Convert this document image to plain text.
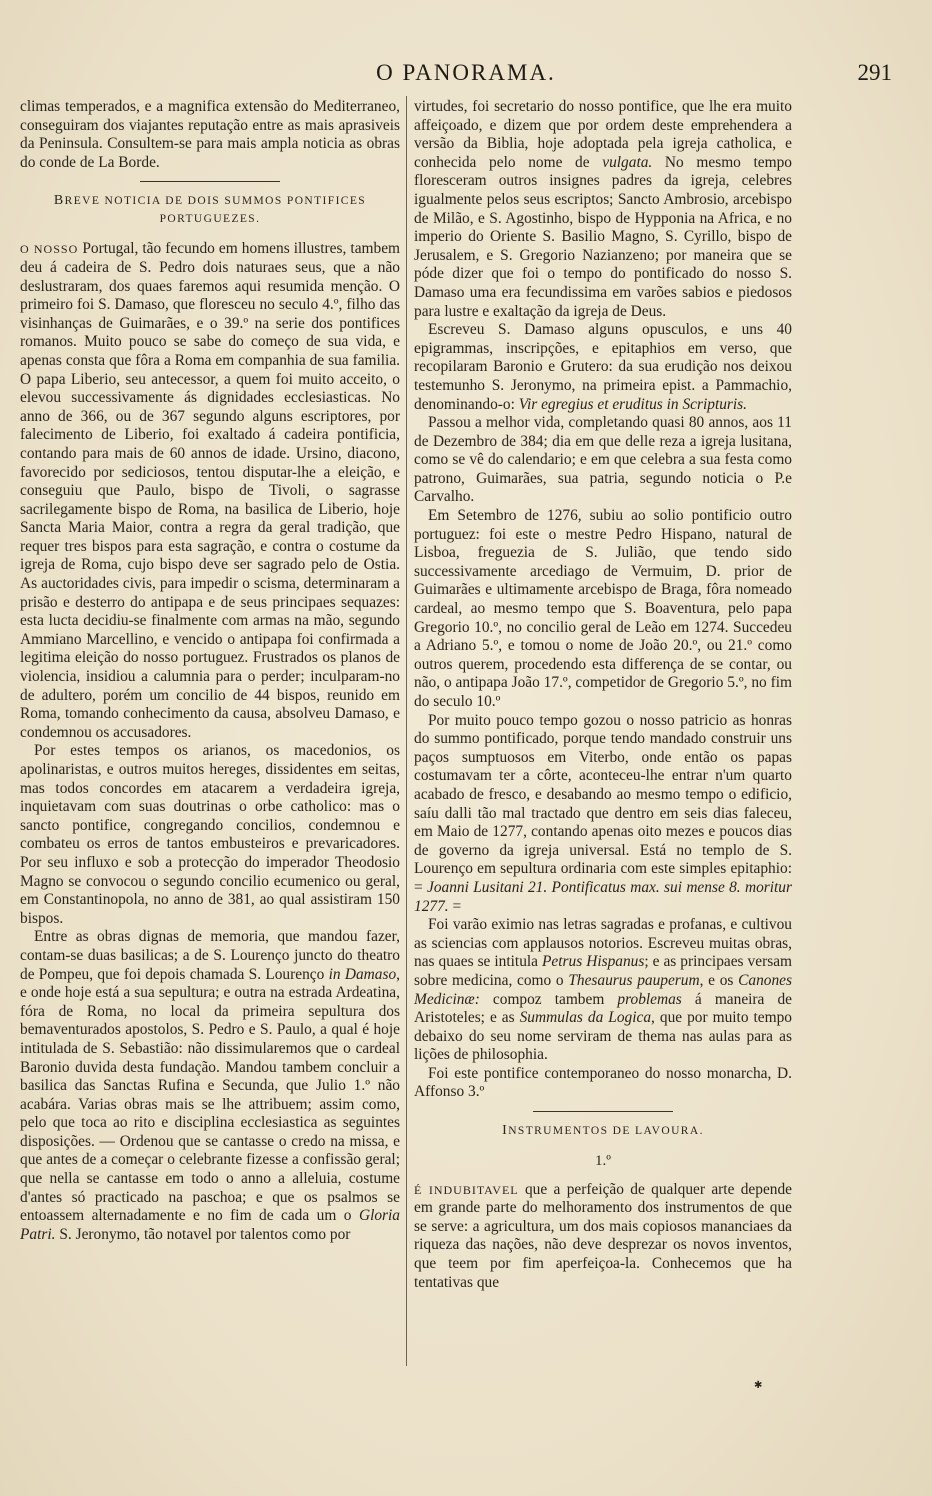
O PANORAMA.	291

climas temperados, e a magnifica extensão do Mediterraneo, conseguiram dos viajantes reputação entre as mais aprasiveis da Peninsula. Consultem-se para mais ampla noticia as obras do conde de La Borde.

BREVE NOTICIA DE DOIS SUMMOS PONTIFICES PORTUGUEZES.

O NOSSO Portugal, tão fecundo em homens illustres, tambem deu á cadeira de S. Pedro dois naturaes seus, que a não deslustraram, dos quaes faremos aqui resumida menção. O primeiro foi S. Damaso, que floresceu no seculo 4.º, filho das visinhanças de Guimarães, e o 39.º na serie dos pontifices romanos. Muito pouco se sabe do começo de sua vida, e apenas consta que fôra a Roma em companhia de sua familia. O papa Liberio, seu antecessor, a quem foi muito acceito, o elevou successivamente ás dignidades ecclesiasticas. No anno de 366, ou de 367 segundo alguns escriptores, por falecimento de Liberio, foi exaltado á cadeira pontificia, contando para mais de 60 annos de idade. Ursino, diacono, favorecido por sediciosos, tentou disputar-lhe a eleição, e conseguiu que Paulo, bispo de Tivoli, o sagrasse sacrilegamente bispo de Roma, na basilica de Liberio, hoje Sancta Maria Maior, contra a regra da geral tradição, que requer tres bispos para esta sagração, e contra o costume da igreja de Roma, cujo bispo deve ser sagrado pelo de Ostia. As auctoridades civis, para impedir o scisma, determinaram a prisão e desterro do antipapa e de seus principaes sequazes: esta lucta decidiu-se finalmente com armas na mão, segundo Ammiano Marcellino, e vencido o antipapa foi confirmada a legitima eleição do nosso portuguez. Frustrados os planos de violencia, insidiou a calumnia para o perder; inculparam-no de adultero, porém um concilio de 44 bispos, reunido em Roma, tomando conhecimento da causa, absolveu Damaso, e condemnou os accusadores.

Por estes tempos os arianos, os macedonios, os apolinaristas, e outros muitos hereges, dissidentes em seitas, mas todos concordes em atacarem a verdadeira igreja, inquietavam com suas doutrinas o orbe catholico: mas o sancto pontifice, congregando concilios, condemnou e combateu os erros de tantos embusteiros e prevaricadores. Por seu influxo e sob a protecção do imperador Theodosio Magno se convocou o segundo concilio ecumenico ou geral, em Constantinopola, no anno de 381, ao qual assistiram 150 bispos.

Entre as obras dignas de memoria, que mandou fazer, contam-se duas basilicas; a de S. Lourenço juncto do theatro de Pompeu, que foi depois chamada S. Lourenço in Damaso, e onde hoje está a sua sepultura; e outra na estrada Ardeatina, fóra de Roma, no local da primeira sepultura dos bemaventurados apostolos, S. Pedro e S. Paulo, a qual é hoje intitulada de S. Sebastião: não dissimularemos que o cardeal Baronio duvida desta fundação. Mandou tambem concluir a basilica das Sanctas Rufina e Secunda, que Julio 1.º não acabára. Varias obras mais se lhe attribuem; assim como, pelo que toca ao rito e disciplina ecclesiastica as seguintes disposições. — Ordenou que se cantasse o credo na missa, e que antes de a começar o celebrante fizesse a confissão geral; que nella se cantasse em todo o anno a alleluia, costume d'antes só practicado na paschoa; e que os psalmos se entoassem alternadamente e no fim de cada um o Gloria Patri. S. Jeronymo, tão notavel por talentos como por

virtudes, foi secretario do nosso pontifice, que lhe era muito affeiçoado, e dizem que por ordem deste emprehendera a versão da Biblia, hoje adoptada pela igreja catholica, e conhecida pelo nome de vulgata. No mesmo tempo floresceram outros insignes padres da igreja, celebres igualmente pelos seus escriptos; Sancto Ambrosio, arcebispo de Milão, e S. Agostinho, bispo de Hypponia na Africa, e no imperio do Oriente S. Basilio Magno, S. Cyrillo, bispo de Jerusalem, e S. Gregorio Nazianzeno; por maneira que se póde dizer que foi o tempo do pontificado do nosso S. Damaso uma era fecundissima em varões sabios e piedosos para lustre e exaltação da igreja de Deus.

Escreveu S. Damaso alguns opusculos, e uns 40 epigrammas, inscripções, e epitaphios em verso, que recopilaram Baronio e Grutero: da sua erudição nos deixou testemunho S. Jeronymo, na primeira epist. a Pammachio, denominando-o: Vir egregius et eruditus in Scripturis.

Passou a melhor vida, completando quasi 80 annos, aos 11 de Dezembro de 384; dia em que delle reza a igreja lusitana, como se vê do calendario; e em que celebra a sua festa como patrono, Guimarães, sua patria, segundo noticia o P.e Carvalho.

Em Setembro de 1276, subiu ao solio pontificio outro portuguez: foi este o mestre Pedro Hispano, natural de Lisboa, freguezia de S. Julião, que tendo sido successivamente arcediago de Vermuim, D. prior de Guimarães e ultimamente arcebispo de Braga, fôra nomeado cardeal, ao mesmo tempo que S. Boaventura, pelo papa Gregorio 10.º, no concilio geral de Leão em 1274. Succedeu a Adriano 5.º, e tomou o nome de João 20.º, ou 21.º como outros querem, procedendo esta differença de se contar, ou não, o antipapa João 17.º, competidor de Gregorio 5.º, no fim do seculo 10.º

Por muito pouco tempo gozou o nosso patricio as honras do summo pontificado, porque tendo mandado construir uns paços sumptuosos em Viterbo, onde então os papas costumavam ter a côrte, aconteceu-lhe entrar n'um quarto acabado de fresco, e desabando ao mesmo tempo o edificio, saíu dalli tão mal tractado que dentro em seis dias faleceu, em Maio de 1277, contando apenas oito mezes e poucos dias de governo da igreja universal. Está no templo de S. Lourenço em sepultura ordinaria com este simples epitaphio: = Joanni Lusitani 21. Pontificatus max. sui mense 8. moritur 1277. =

Foi varão eximio nas letras sagradas e profanas, e cultivou as sciencias com applausos notorios. Escreveu muitas obras, nas quaes se intitula Petrus Hispanus; e as principaes versam sobre medicina, como o Thesaurus pauperum, e os Canones Medicinæ: compoz tambem problemas á maneira de Aristoteles; e as Summulas da Logica, que por muito tempo debaixo do seu nome serviram de thema nas aulas para as lições de philosophia.

Foi este pontifice contemporaneo do nosso monarcha, D. Affonso 3.º

INSTRUMENTOS DE LAVOURA.
1.º

É INDUBITAVEL que a perfeição de qualquer arte depende em grande parte do melhoramento dos instrumentos de que se serve: a agricultura, um dos mais copiosos mananciaes da riqueza das nações, não deve desprezar os novos inventos, que teem por fim aperfeiçoa-la. Conhecemos que ha tentativas que

✱
